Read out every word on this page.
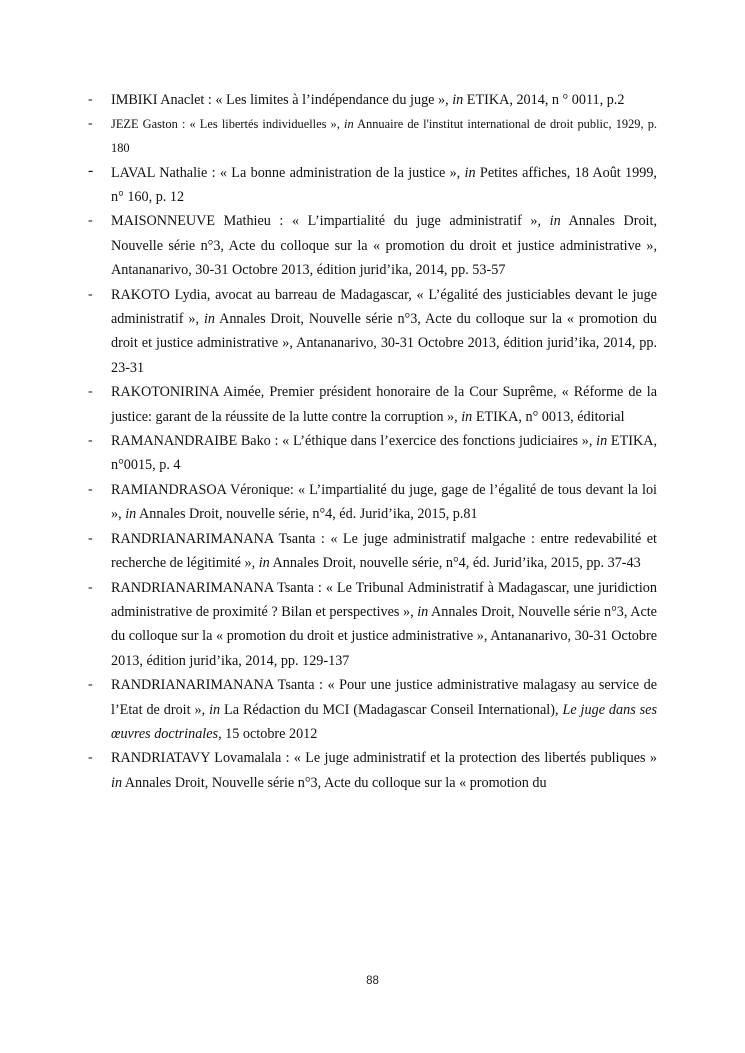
- IMBIKI Anaclet : « Les limites à l’indépendance du juge », in ETIKA, 2014, n ° 0011, p.2
- JEZE Gaston : « Les libertés individuelles », in Annuaire de l'institut international de droit public, 1929, p. 180
- LAVAL Nathalie : « La bonne administration de la justice », in Petites affiches, 18 Août 1999, n° 160, p. 12
- MAISONNEUVE Mathieu : « L’impartialité du juge administratif », in Annales Droit, Nouvelle série n°3, Acte du colloque sur la « promotion du droit et justice administrative », Antananarivo, 30-31 Octobre 2013, édition jurid’ika, 2014, pp. 53-57
- RAKOTO Lydia, avocat au barreau de Madagascar, « L’égalité des justiciables devant le juge administratif », in Annales Droit, Nouvelle série n°3, Acte du colloque sur la « promotion du droit et justice administrative », Antananarivo, 30-31 Octobre 2013, édition jurid’ika, 2014, pp. 23-31
- RAKOTONIRINA Aimée, Premier président honoraire de la Cour Suprême, « Réforme de la justice: garant de la réussite de la lutte contre la corruption », in ETIKA, n° 0013, éditorial
- RAMANANDRAIBE Bako : « L’éthique dans l’exercice des fonctions judiciaires », in ETIKA, n°0015, p. 4
- RAMIANDRASOA Véronique: « L’impartialité du juge, gage de l’égalité de tous devant la loi », in Annales Droit, nouvelle série, n°4, éd. Jurid’ika, 2015, p.81
- RANDRIANARIMANANA Tsanta : « Le juge administratif malgache : entre redevabilité et recherche de légitimité », in Annales Droit, nouvelle série, n°4, éd. Jurid’ika, 2015, pp. 37-43
- RANDRIANARIMANANA Tsanta : « Le Tribunal Administratif à Madagascar, une juridiction administrative de proximité ? Bilan et perspectives », in Annales Droit, Nouvelle série n°3, Acte du colloque sur la « promotion du droit et justice administrative », Antananarivo, 30-31 Octobre 2013, édition jurid’ika, 2014, pp. 129-137
- RANDRIANARIMANANA Tsanta : « Pour une justice administrative malagasy au service de l’Etat de droit », in La Rédaction du MCI (Madagascar Conseil International), Le juge dans ses œuvres doctrinales, 15 octobre 2012
- RANDRIATAVY Lovamalala : « Le juge administratif et la protection des libertés publiques » in Annales Droit, Nouvelle série n°3, Acte du colloque sur la « promotion du
88
